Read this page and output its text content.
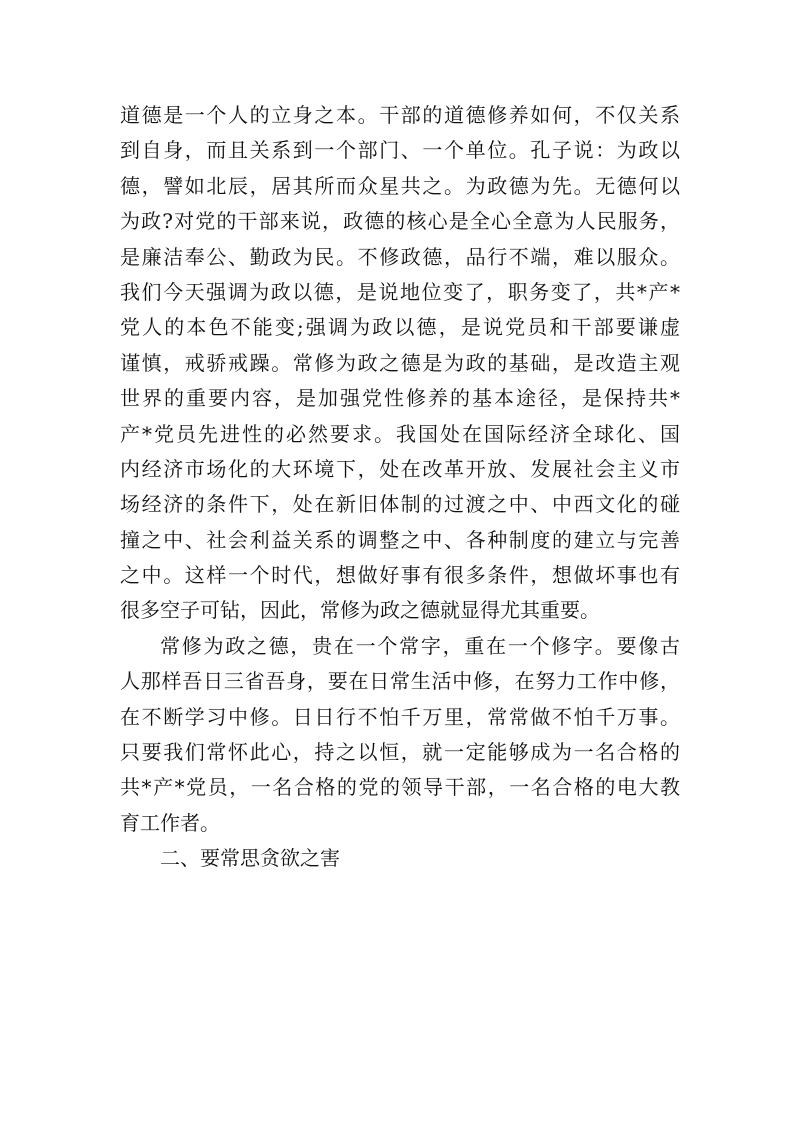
道德是一个人的立身之本。干部的道德修养如何，不仅关系
到自身，而且关系到一个部门、一个单位。孔子说：为政以
德，譬如北辰，居其所而众星共之。为政德为先。无德何以
为政?对党的干部来说，政德的核心是全心全意为人民服务，
是廉洁奉公、勤政为民。不修政德，品行不端，难以服众。
我们今天强调为政以德，是说地位变了，职务变了，共*产*
党人的本色不能变;强调为政以德，是说党员和干部要谦虚
谨慎，戒骄戒躁。常修为政之德是为政的基础，是改造主观
世界的重要内容，是加强党性修养的基本途径，是保持共*
产*党员先进性的必然要求。我国处在国际经济全球化、国
内经济市场化的大环境下，处在改革开放、发展社会主义市
场经济的条件下，处在新旧体制的过渡之中、中西文化的碰
撞之中、社会利益关系的调整之中、各种制度的建立与完善
之中。这样一个时代，想做好事有很多条件，想做坏事也有
很多空子可钻，因此，常修为政之德就显得尤其重要。
常修为政之德，贵在一个常字，重在一个修字。要像古
人那样吾日三省吾身，要在日常生活中修，在努力工作中修，
在不断学习中修。日日行不怕千万里，常常做不怕千万事。
只要我们常怀此心，持之以恒，就一定能够成为一名合格的
共*产*党员，一名合格的党的领导干部，一名合格的电大教
育工作者。
二、要常思贪欲之害
